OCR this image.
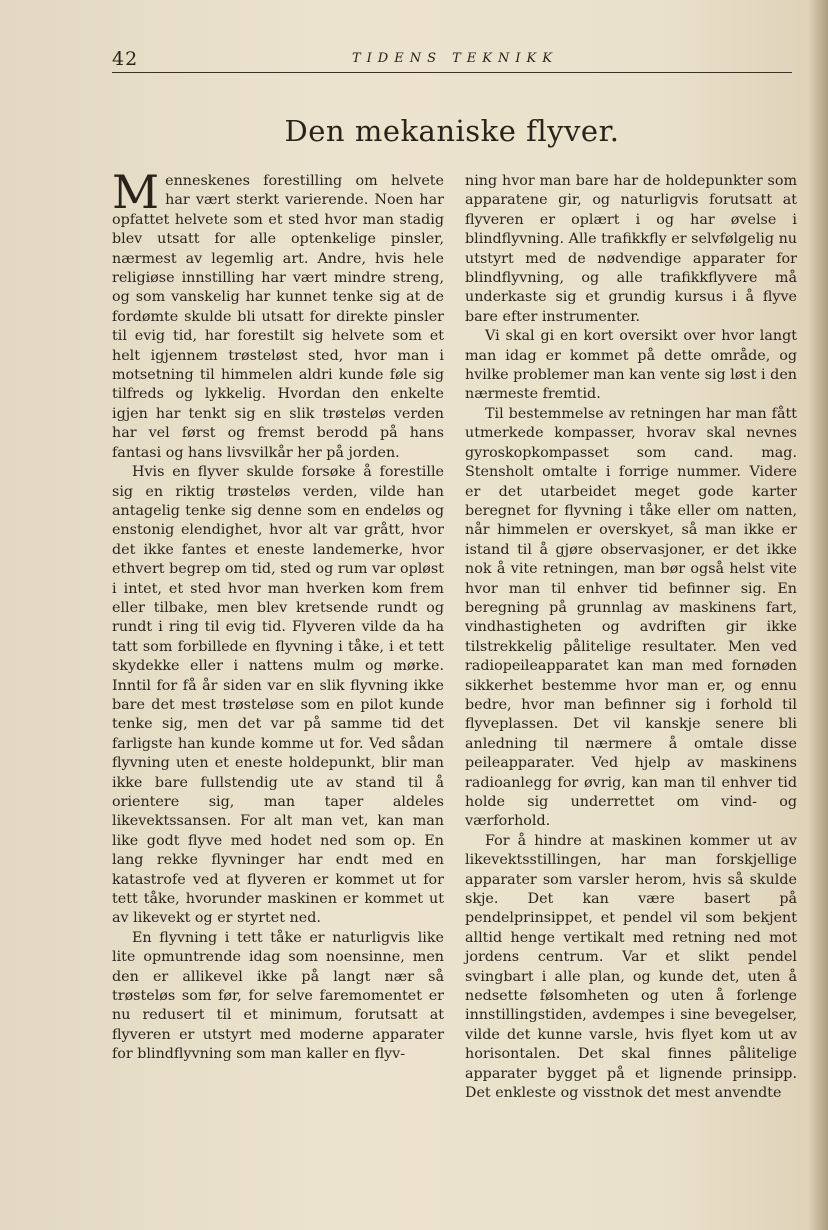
42	TIDENS TEKNIKK
Den mekaniske flyver.

Menneskenes forestilling om helvete har vært sterkt varierende. Noen har opfattet helvete som et sted hvor man stadig blev utsatt for alle optenkelige pinsler, nærmest av legemlig art. Andre, hvis hele religiøse innstilling har vært mindre streng, og som vanskelig har kunnet tenke sig at de fordømte skulde bli utsatt for direkte pinsler til evig tid, har forestilt sig helvete som et helt igjennem trøsteløst sted, hvor man i motsetning til himmelen aldri kunde føle sig tilfreds og lykkelig. Hvordan den enkelte igjen har tenkt sig en slik trøsteløs verden har vel først og fremst berodd på hans fantasi og hans livsvilkår her på jorden.

Hvis en flyver skulde forsøke å forestille sig en riktig trøsteløs verden, vilde han antagelig tenke sig denne som en endeløs og enstonig elendighet, hvor alt var grått, hvor det ikke fantes et eneste landemerke, hvor ethvert begrep om tid, sted og rum var opløst i intet, et sted hvor man hverken kom frem eller tilbake, men blev kretsende rundt og rundt i ring til evig tid. Flyveren vilde da ha tatt som forbillede en flyvning i tåke, i et tett skydekke eller i nattens mulm og mørke. Inntil for få år siden var en slik flyvning ikke bare det mest trøsteløse som en pilot kunde tenke sig, men det var på samme tid det farligste han kunde komme ut for. Ved sådan flyvning uten et eneste holdepunkt, blir man ikke bare fullstendig ute av stand til å orientere sig, man taper aldeles likevektssansen. For alt man vet, kan man like godt flyve med hodet ned som op. En lang rekke flyvninger har endt med en katastrofe ved at flyveren er kommet ut for tett tåke, hvorunder maskinen er kommet ut av likevekt og er styrtet ned.

En flyvning i tett tåke er naturligvis like lite opmuntrende idag som noensinne, men den er allikevel ikke på langt nær så trøsteløs som før, for selve faremomentet er nu redusert til et minimum, forutsatt at flyveren er utstyrt med moderne apparater for blindflyvning som man kaller en flyv-

ning hvor man bare har de holdepunkter som apparatene gir, og naturligvis forutsatt at flyveren er oplært i og har øvelse i blindflyvning. Alle trafikkfly er selvfølgelig nu utstyrt med de nødvendige apparater for blindflyvning, og alle trafikkflyvere må underkaste sig et grundig kursus i å flyve bare efter instrumenter.

Vi skal gi en kort oversikt over hvor langt man idag er kommet på dette område, og hvilke problemer man kan vente sig løst i den nærmeste fremtid.

Til bestemmelse av retningen har man fått utmerkede kompasser, hvorav skal nevnes gyroskopkompasset som cand. mag. Stensholt omtalte i forrige nummer. Videre er det utarbeidet meget gode karter beregnet for flyvning i tåke eller om natten, når himmelen er overskyet, så man ikke er istand til å gjøre observasjoner, er det ikke nok å vite retningen, man bør også helst vite hvor man til enhver tid befinner sig. En beregning på grunnlag av maskinens fart, vindhastigheten og avdriften gir ikke tilstrekkelig pålitelige resultater. Men ved radiopeileapparatet kan man med fornøden sikkerhet bestemme hvor man er, og ennu bedre, hvor man befinner sig i forhold til flyveplassen. Det vil kanskje senere bli anledning til nærmere å omtale disse peileapparater. Ved hjelp av maskinens radioanlegg for øvrig, kan man til enhver tid holde sig underrettet om vind- og værforhold.

For å hindre at maskinen kommer ut av likevektsstillingen, har man forskjellige apparater som varsler herom, hvis så skulde skje. Det kan være basert på pendelprinsippet, et pendel vil som bekjent alltid henge vertikalt med retning ned mot jordens centrum. Var et slikt pendel svingbart i alle plan, og kunde det, uten å nedsette følsomheten og uten å forlenge innstillingstiden, avdempes i sine bevegelser, vilde det kunne varsle, hvis flyet kom ut av horisontalen. Det skal finnes pålitelige apparater bygget på et lignende prinsipp. Det enkleste og visstnok det mest anvendte
